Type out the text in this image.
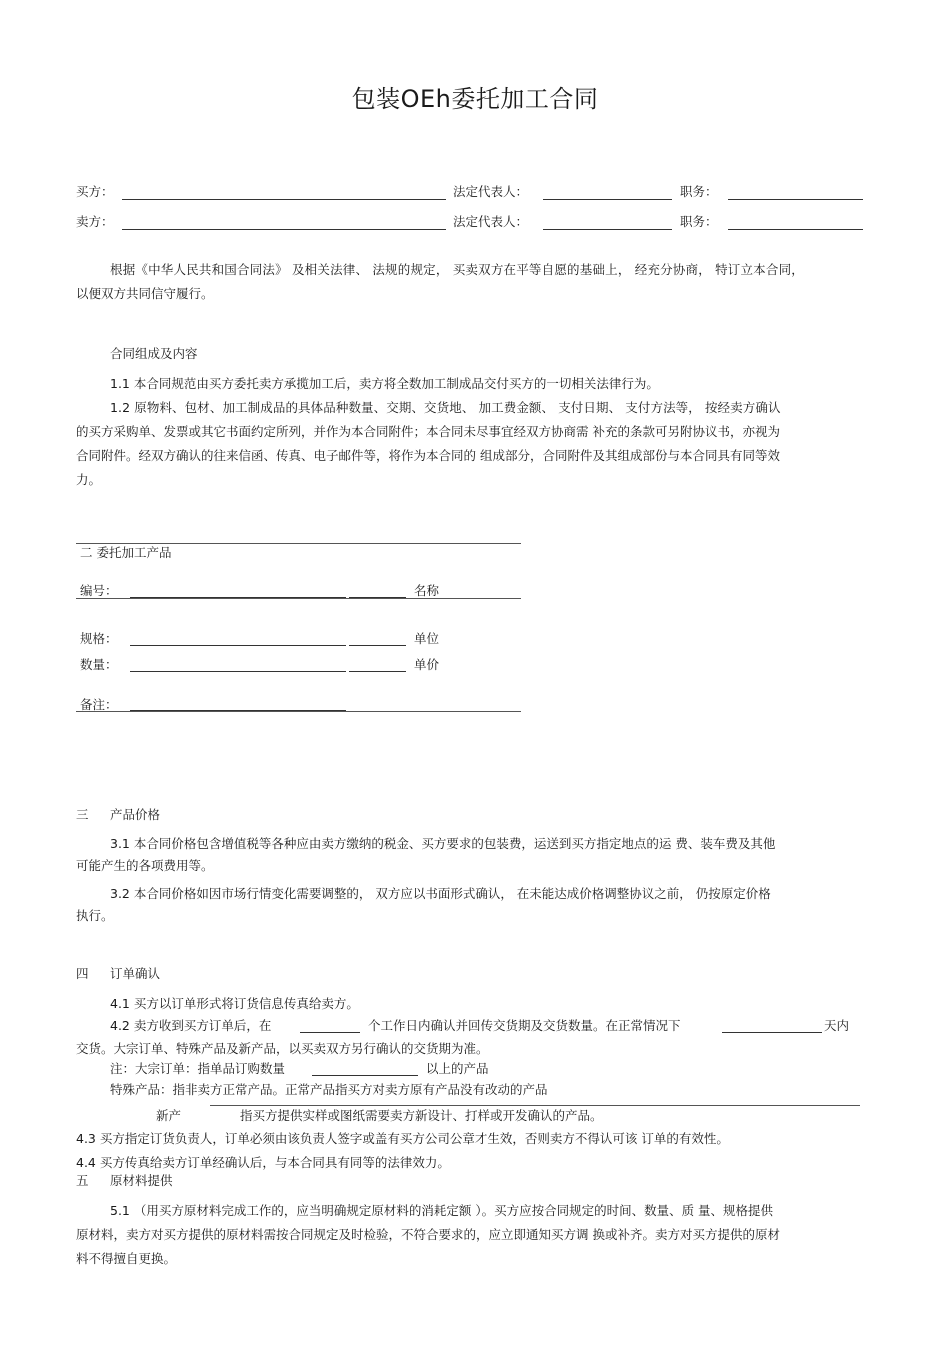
包装OEh委托加工合同
买方：	法定代表人：	职务：
卖方：	法定代表人：	职务：
根据《中华人民共和国合同法》 及相关法律、 法规的规定， 买卖双方在平等自愿的基础上， 经充分协商， 特订立本合同，
以便双方共同信守履行。
合同组成及内容
1.1 本合同规范由买方委托卖方承揽加工后，卖方将全数加工制成品交付买方的一切相关法律行为。
1.2 原物料、包材、加工制成品的具体品种数量、交期、交货地、 加工费金额、 支付日期、 支付方法等， 按经卖方确认
的买方采购单、发票或其它书面约定所列，并作为本合同附件；本合同未尽事宜经双方协商需 补充的条款可另附协议书，亦视为
合同附件。经双方确认的往来信函、传真、电子邮件等，将作为本合同的 组成部分，合同附件及其组成部份与本合同具有同等效
力。
二 委托加工产品
编号：	名称
规格：	单位
数量：	单价
备注：
三 产品价格
3.1 本合同价格包含增值税等各种应由卖方缴纳的税金、买方要求的包装费，运送到买方指定地点的运 费、装车费及其他
可能产生的各项费用等。
3.2 本合同价格如因市场行情变化需要调整的， 双方应以书面形式确认， 在未能达成价格调整协议之前， 仍按原定价格
执行。
四 订单确认
4.1 买方以订单形式将订货信息传真给卖方。
4.2 卖方收到买方订单后，在	个工作日内确认并回传交货期及交货数量。在正常情况下	天内
交货。大宗订单、特殊产品及新产品，以买卖双方另行确认的交货期为准。
注：大宗订单：指单品订购数量	以上的产品
特殊产品：指非卖方正常产品。正常产品指买方对卖方原有产品没有改动的产品
新产	指买方提供实样或图纸需要卖方新设计、打样或开发确认的产品。
4.3 买方指定订货负责人，订单必须由该负责人签字或盖有买方公司公章才生效，否则卖方不得认可该 订单的有效性。
4.4 买方传真给卖方订单经确认后，与本合同具有同等的法律效力。
五 原材料提供
5.1 （用买方原材料完成工作的，应当明确规定原材料的消耗定额 ）。买方应按合同规定的时间、数量、质 量、规格提供
原材料，卖方对买方提供的原材料需按合同规定及时检验，不符合要求的，应立即通知买方调 换或补齐。卖方对买方提供的原材
料不得擅自更换。
